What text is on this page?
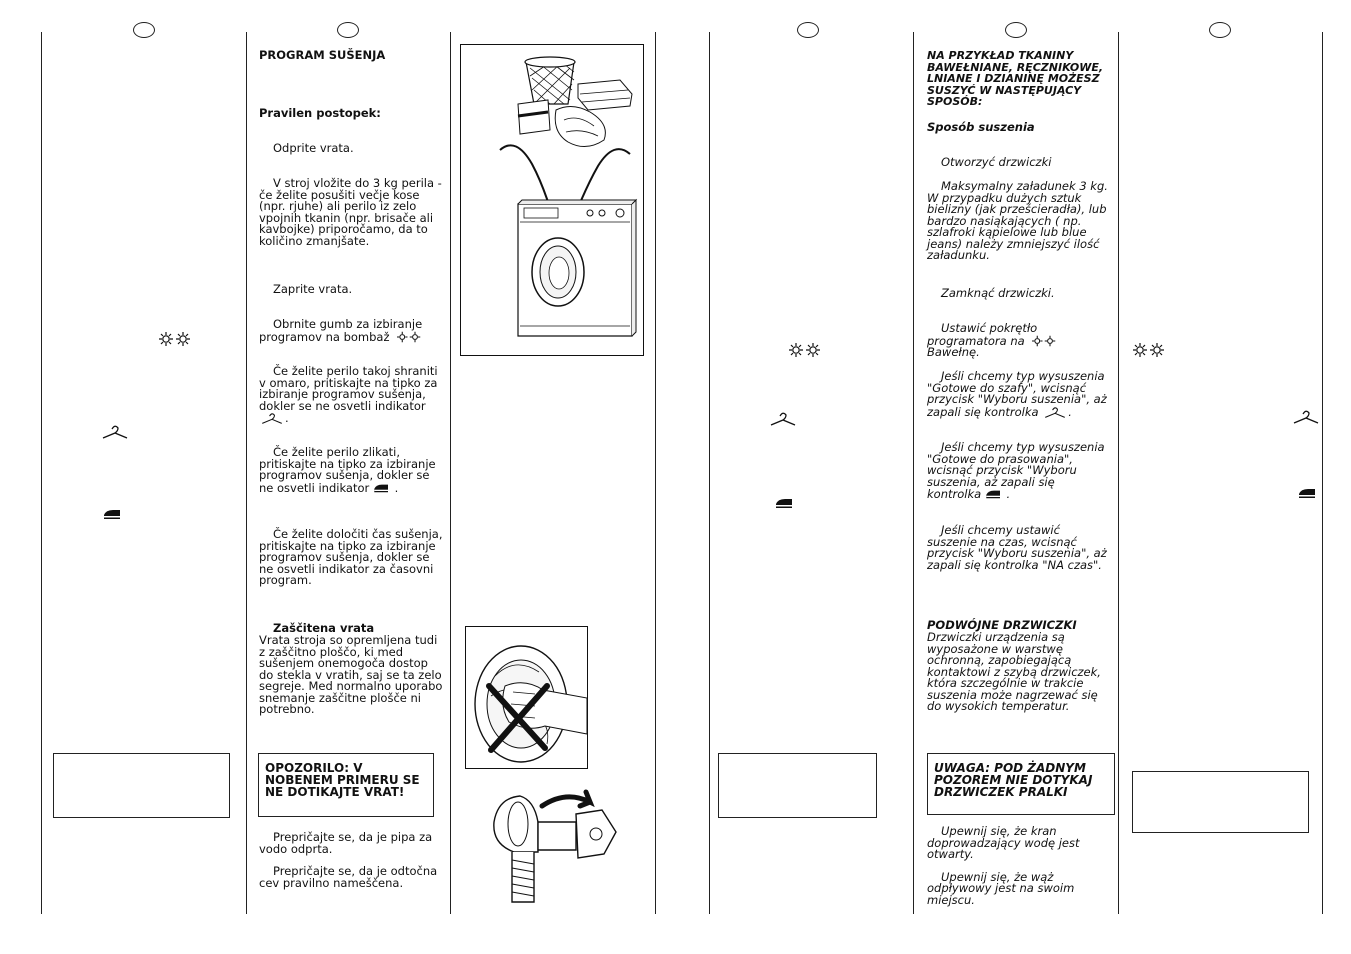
PROGRAM SUŠENJA

Pravilen postopek:

Odprite vrata.

V stroj vložite do 3 kg perila - če želite posušiti večje kose (npr. rjuhe) ali perilo iz zelo vpojnih tkanin (npr. brisače ali kavbojke) priporočamo, da to količino zmanjšate.

Zaprite vrata.

Obrnite gumb za izbiranje programov na bombaž

Če želite perilo takoj shraniti v omaro, pritiskajte na tipko za izbiranje programov sušenja, dokler se ne osvetli indikator .

Če želite perilo zlikati, pritiskajte na tipko za izbiranje programov sušenja, dokler se ne osvetli indikator .

Če želite določiti čas sušenja, pritiskajte na tipko za izbiranje programov sušenja, dokler se ne osvetli indikator za časovni program.

Zaščitena vrata

Vrata stroja so opremljena tudi z zaščitno ploščo, ki med sušenjem onemogoča dostop do stekla v vratih, saj se ta zelo segreje. Med normalno uporabo snemanje zaščitne plošče ni potrebno.

OPOZORILO: V NOBENEM PRIMERU SE NE DOTIKAJTE VRAT!

Prepričajte se, da je pipa za vodo odprta.

Prepričajte se, da je odtočna cev pravilno nameščena.

NA PRZYKŁAD TKANINY BAWEŁNIANE, RĘCZNIKOWE, LNIANE I DZIANINĘ MOŻESZ SUSZYĆ W NASTĘPUJĄCY SPOSÓB:

Sposób suszenia

Otworzyć drzwiczki

Maksymalny załadunek 3 kg. W przypadku dużych sztuk bielizny (jak prześcieradła), lub bardzo nasiąkających ( np. szlafroki kąpielowe lub blue jeans) należy zmniejszyć ilość załadunku.

Zamknąć drzwiczki.

Ustawić pokrętło programatora na
Bawełnę.

Jeśli chcemy typ wysuszenia "Gotowe do szafy", wcisnąć przycisk "Wyboru suszenia", aż zapali się kontrolka	.

Jeśli chcemy typ wysuszenia "Gotowe do prasowania", wcisnąć przycisk "Wyboru suszenia, aż zapali się kontrolka .

Jeśli chcemy ustawić suszenie na czas, wcisnąć przycisk "Wyboru suszenia", aż zapali się kontrolka "NA czas".

PODWÓJNE DRZWICZKI

Drzwiczki urządzenia są wyposażone w warstwę ochronną, zapobiegającą kontaktowi z szybą drzwiczek, która szczególnie w trakcie suszenia może nagrzewać się do wysokich temperatur.

UWAGA: POD ŻADNYM POZOREM NIE DOTYKAJ DRZWICZEK PRALKI

Upewnij się, że kran doprowadzający wodę jest otwarty.

Upewnij się, że wąż odpływowy jest na swoim miejscu.
